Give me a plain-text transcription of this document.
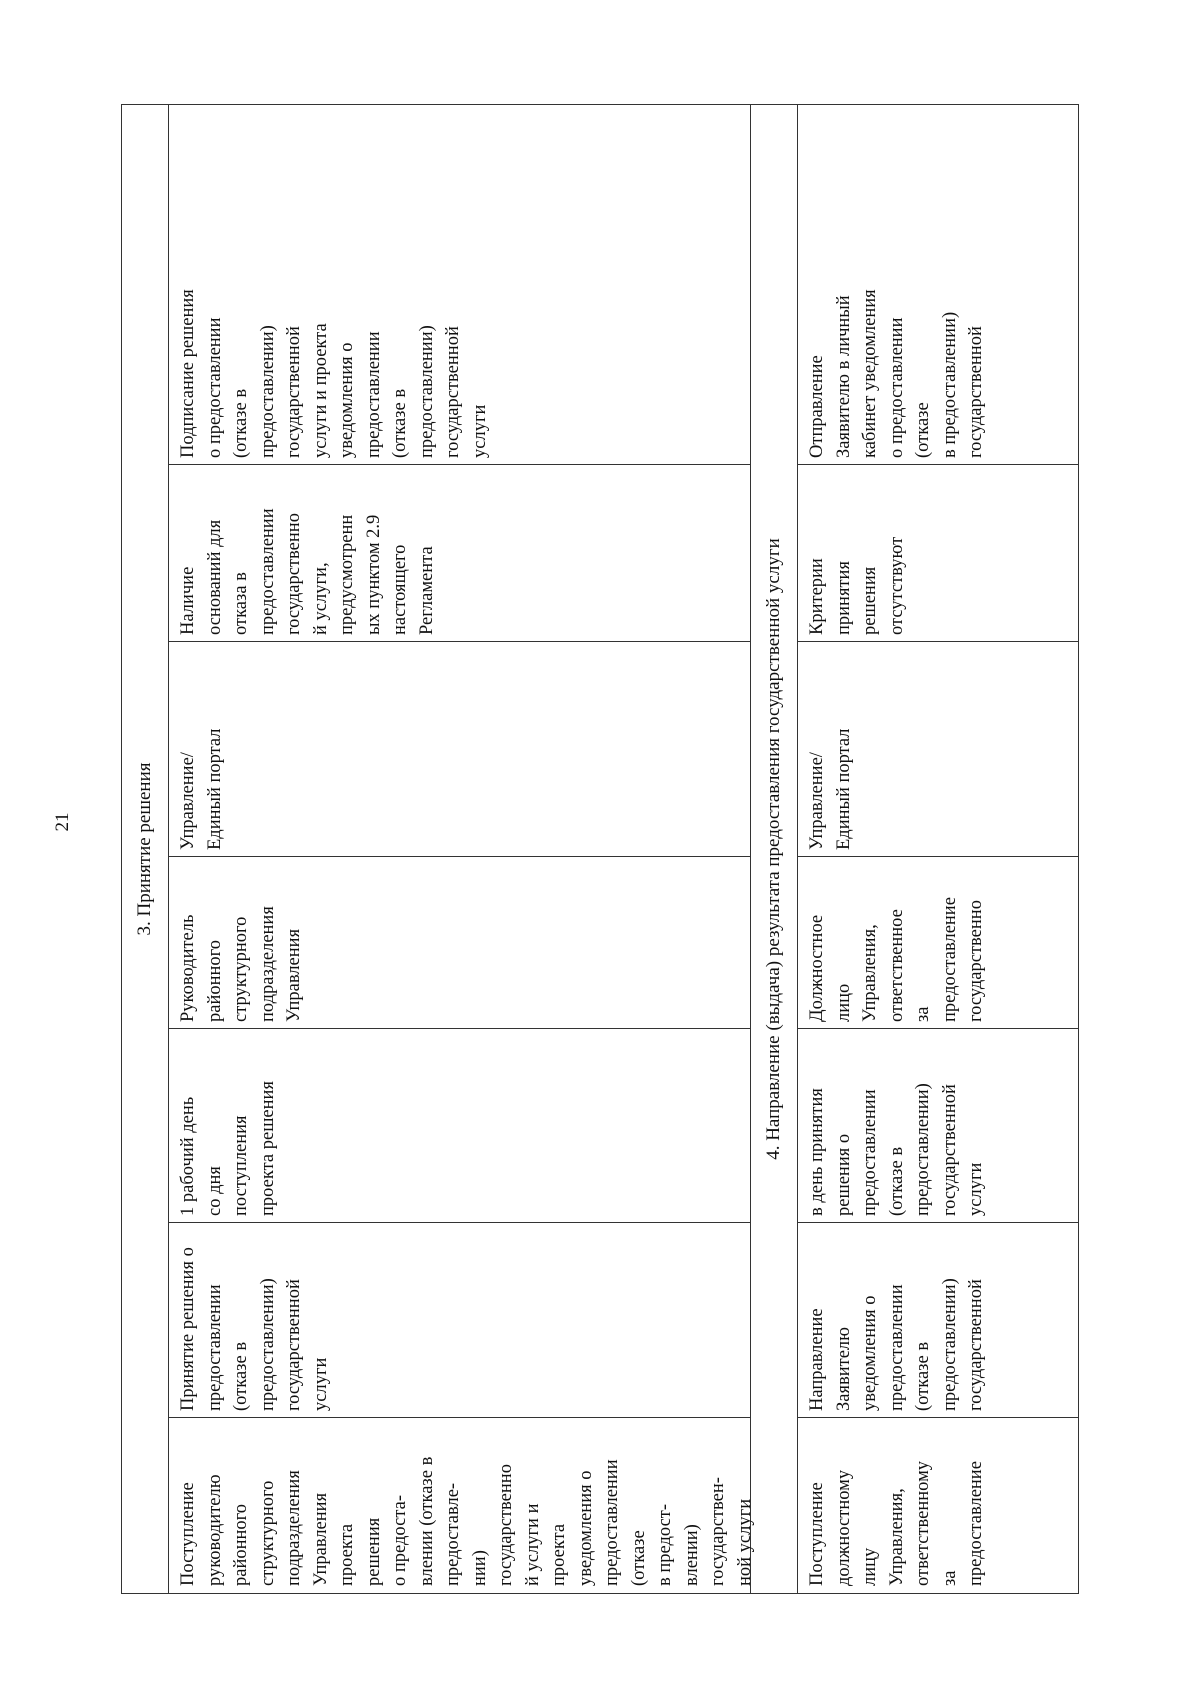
21	3. Принятие решения
Поступление
руководителю
районного
структурного
подразделения
Управления
проекта
решения
о предоста-
влении (отказе в
предоставле-
нии)
государственно
й услуги и
проекта
уведомления о
предоставлении
(отказе
в предост-
влении)
государствен-
ной услуги
Принятие решения о
предоставлении
(отказе в
предоставлении)
государственной
услуги
1 рабочий день
со дня
поступления
проекта решения
Руководитель
районного
структурного
подразделения
Управления
Управление/
Единый портал
Наличие
оснований для
отказа в
предоставлении
государственно
й услуги,
предусмотренн
ых пунктом 2.9
настоящего
Регламента
Подписание решения
о предоставлении
(отказе в
предоставлении)
государственной
услуги и проекта
уведомления о
предоставлении
(отказе в
предоставлении)
государственной
услуги
4. Направление (выдача) результата предоставления государственной услуги
Поступление
должностному
лицу
Управления,
ответственному
за
предоставление
Направление
Заявителю
уведомления о
предоставлении
(отказе в
предоставлении)
государственной
в день принятия
решения о
предоставлении
(отказе в
предоставлении)
государственной
услуги
Должностное
лицо
Управления,
ответственное
за
предоставление
государственно
Управление/
Единый портал
Критерии
принятия
решения
отсутствуют
Отправление
Заявителю в личный
кабинет уведомления
о предоставлении
(отказе
в предоставлении)
государственной
